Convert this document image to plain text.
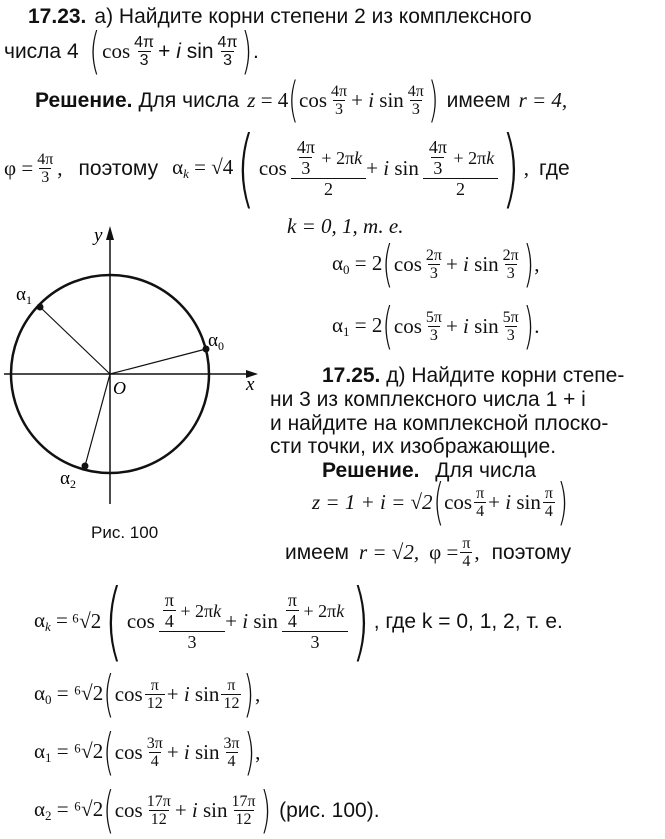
17.23. а) Найдите корни степени 2 из комплексного
числа 4 ( $\cos \frac{4\pi}{3} + i$ $\sin \frac{4\pi}{3}$ ) .
Решение. Для числа z = 4 ( $\cos \frac{4\pi}{3} + i$ $\sin \frac{4\pi}{3}$ ) имеем r = 4,
$\varphi = \frac{4\pi}{3}$ , поэтому $\alpha_k = √4$ ( $\cos \frac{\frac{4\pi}{3} + 2\pi k}{2} + i$ $\sin \frac{\frac{4\pi}{3} + 2\pi k}{2}$ ) , где
k = 0, 1, т. е.
$\alpha_0 = 2$ ( $\cos \frac{2\pi}{3} + i$ $\sin \frac{2\pi}{3}$ ) ,
$\alpha_1 = 2$ ( $\cos \frac{5\pi}{3} + i$ $\sin \frac{5\pi}{3}$ ) .
y
x
O
$\alpha_1$
$\alpha_0$
$\alpha_2$
Рис. 100
17.25. д) Найдите корни степе-
ни 3 из комплексного числа 1 + i
и найдите на комплексной плоско-
сти точки, их изображающие.
Решение. Для числа
z = 1 + i = √2 ( $\cos \frac{\pi}{4} + i$ $\sin \frac{\pi}{4}$ )
имеем r = √2, $\varphi = \frac{\pi}{4}$ , поэтому
$\alpha_k = ^6√2$ ( $\cos \frac{\frac{\pi}{4} + 2\pi k}{3} + i$ $\sin \frac{\frac{\pi}{4} + 2\pi k}{3}$ ) , где k = 0, 1, 2, т. е.
$\alpha_0 = ^6√2$ ( $\cos \frac{\pi}{12} + i$ $\sin \frac{\pi}{12}$ ) ,
$\alpha_1 = ^6√2$ ( $\cos \frac{3\pi}{4} + i$ $\sin \frac{3\pi}{4}$ ) ,
$\alpha_2 = ^6√2$ ( $\cos \frac{17\pi}{12} + i$ $\sin \frac{17\pi}{12}$ ) (рис. 100).
